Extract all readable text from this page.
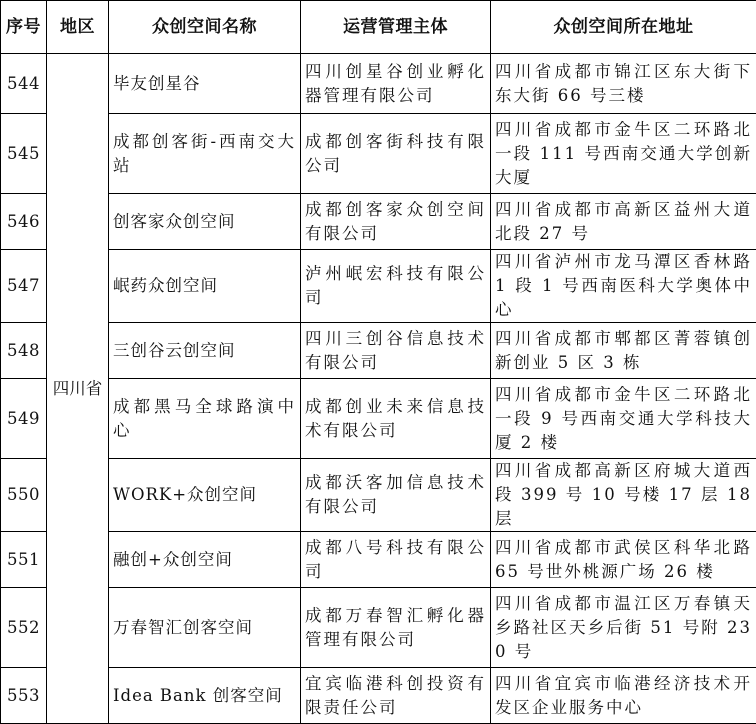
序号	地区	众创空间名称	运营管理主体	众创空间所在地址
544	四川省	毕友创星谷	四川创星谷创业孵化器管理有限公司	四川省成都市锦江区东大街下东大街 66 号三楼
545		成都创客街-西南交大站	成都创客街科技有限公司	四川省成都市金牛区二环路北一段 111 号西南交通大学创新大厦
546		创客家众创空间	成都创客家众创空间有限公司	四川省成都市高新区益州大道北段 27 号
547		岷药众创空间	泸州岷宏科技有限公司	四川省泸州市龙马潭区香林路 1 段 1 号西南医科大学奥体中心
548		三创谷云创空间	四川三创谷信息技术有限公司	四川省成都市郫都区菁蓉镇创新创业 5 区 3 栋
549		成都黑马全球路演中心	成都创业未来信息技术有限公司	四川省成都市金牛区二环路北一段 9 号西南交通大学科技大厦 2 楼
550		WORK+众创空间	成都沃客加信息技术有限公司	四川省成都高新区府城大道西段 399 号 10 号楼 17 层 18 层
551		融创+众创空间	成都八号科技有限公司	四川省成都市武侯区科华北路 65 号世外桃源广场 26 楼
552		万春智汇创客空间	成都万春智汇孵化器管理有限公司	四川省成都市温江区万春镇天乡路社区天乡后街 51 号附 230 号
553		Idea Bank 创客空间	宜宾临港科创投资有限责任公司	四川省宜宾市临港经济技术开发区企业服务中心
